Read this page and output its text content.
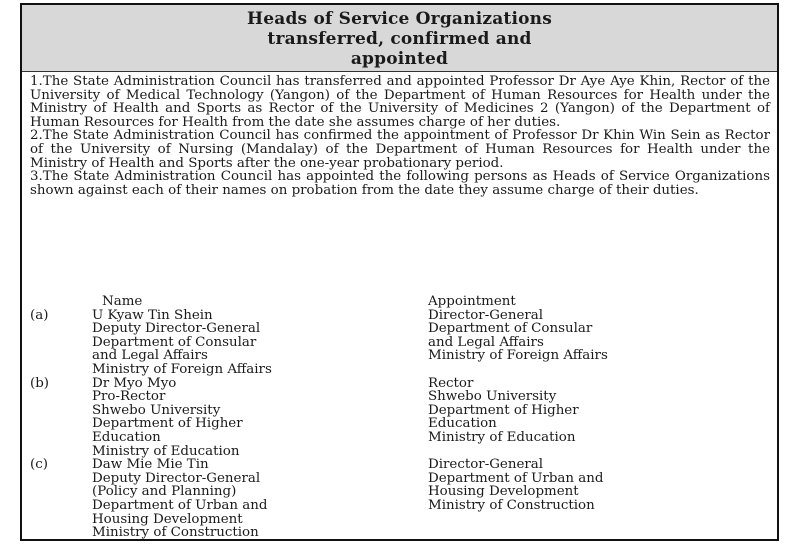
Heads of Service Organizations
transferred, confirmed and
appointed

1.The State Administration Council has transferred and appointed Professor Dr Aye Aye Khin, Rector of the University of Medical Technology (Yangon) of the Department of Human Resources for Health under the Ministry of Health and Sports as Rector of the University of Medicines 2 (Yangon) of the Department of Human Resources for Health from the date she assumes charge of her duties.

2.The State Administration Council has confirmed the appointment of Professor Dr Khin Win Sein as Rector of the University of Nursing (Mandalay) of the Department of Human Resources for Health under the Ministry of Health and Sports after the one-year probationary period.

3.The State Administration Council has appointed the following persons as Heads of Service Organizations shown against each of their names on probation from the date they assume charge of their duties.

Name	Appointment
(a)	U Kyaw Tin Shein	Director-General
Deputy Director-General	Department of Consular
Department of Consular	and Legal Affairs
and Legal Affairs	Ministry of Foreign Affairs
Ministry of Foreign Affairs
(b)	Dr Myo Myo	Rector
Pro-Rector	Shwebo University
Shwebo University	Department of Higher
Department of Higher	Education
Education	Ministry of Education
Ministry of Education
(c)	Daw Mie Mie Tin	Director-General
Deputy Director-General	Department of Urban and
(Policy and Planning)	Housing Development
Department of Urban and	Ministry of Construction
Housing Development
Ministry of Construction
